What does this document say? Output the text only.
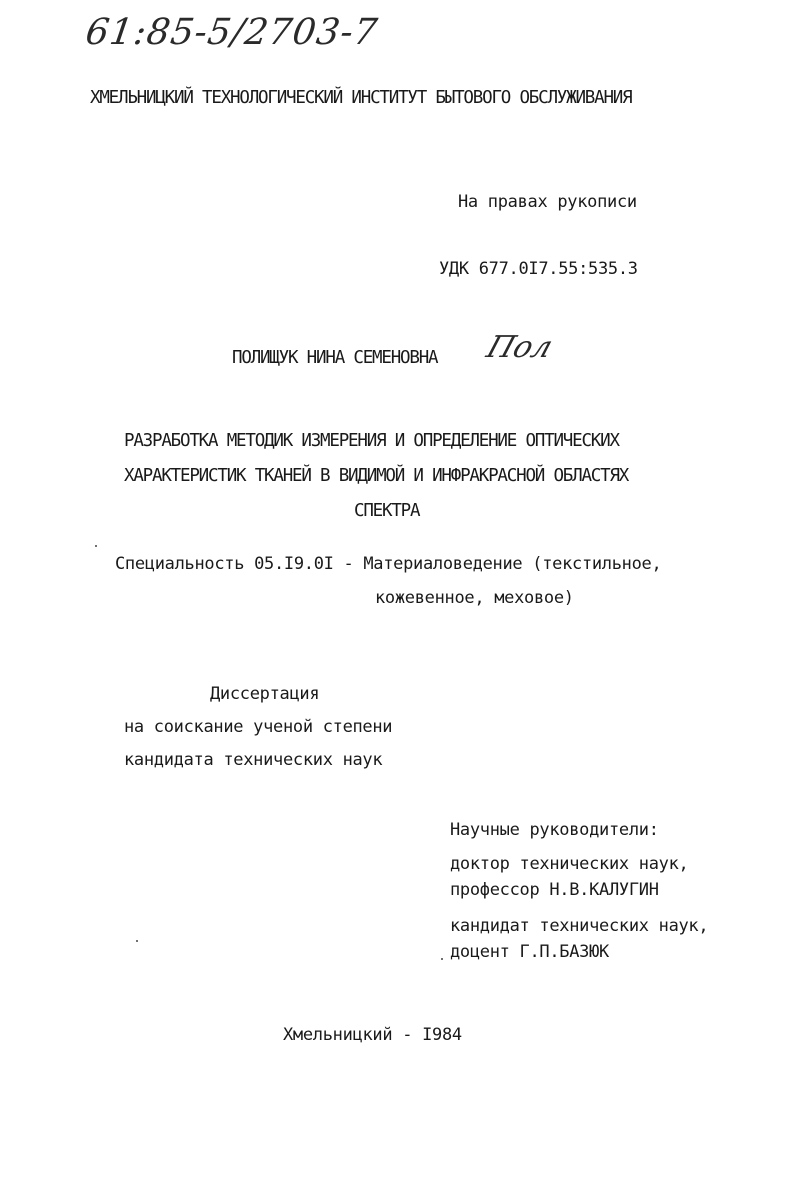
61:85-5/2703-7
ХМЕЛЬНИЦКИЙ ТЕХНОЛОГИЧЕСКИЙ ИНСТИТУТ БЫТОВОГО ОБСЛУЖИВАНИЯ
На правах рукописи
УДК 677.0I7.55:535.3
ПОЛИЩУК НИНА СЕМЕНОВНА Пол
РАЗРАБОТКА МЕТОДИК ИЗМЕРЕНИЯ И ОПРЕДЕЛЕНИЕ ОПТИЧЕСКИХ
ХАРАКТЕРИСТИК ТКАНЕЙ В ВИДИМОЙ И ИНФРАКРАСНОЙ ОБЛАСТЯХ
СПЕКТРА
Специальность 05.I9.0I - Материаловедение (текстильное,
кожевенное, меховое)
Диссертация
на соискание ученой степени
кандидата технических наук
Научные руководители:
доктор технических наук,
профессор Н.В.КАЛУГИН
кандидат технических наук,
доцент Г.П.БАЗЮК
Хмельницкий - I984
